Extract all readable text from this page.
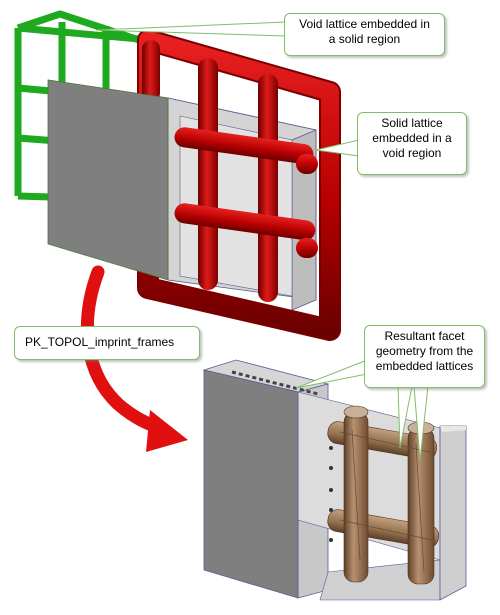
Void lattice embedded in
a solid region
Solid lattice
embedded in a
void region
PK_TOPOL_imprint_frames	Resultant facet
geometry from the
embedded lattices
